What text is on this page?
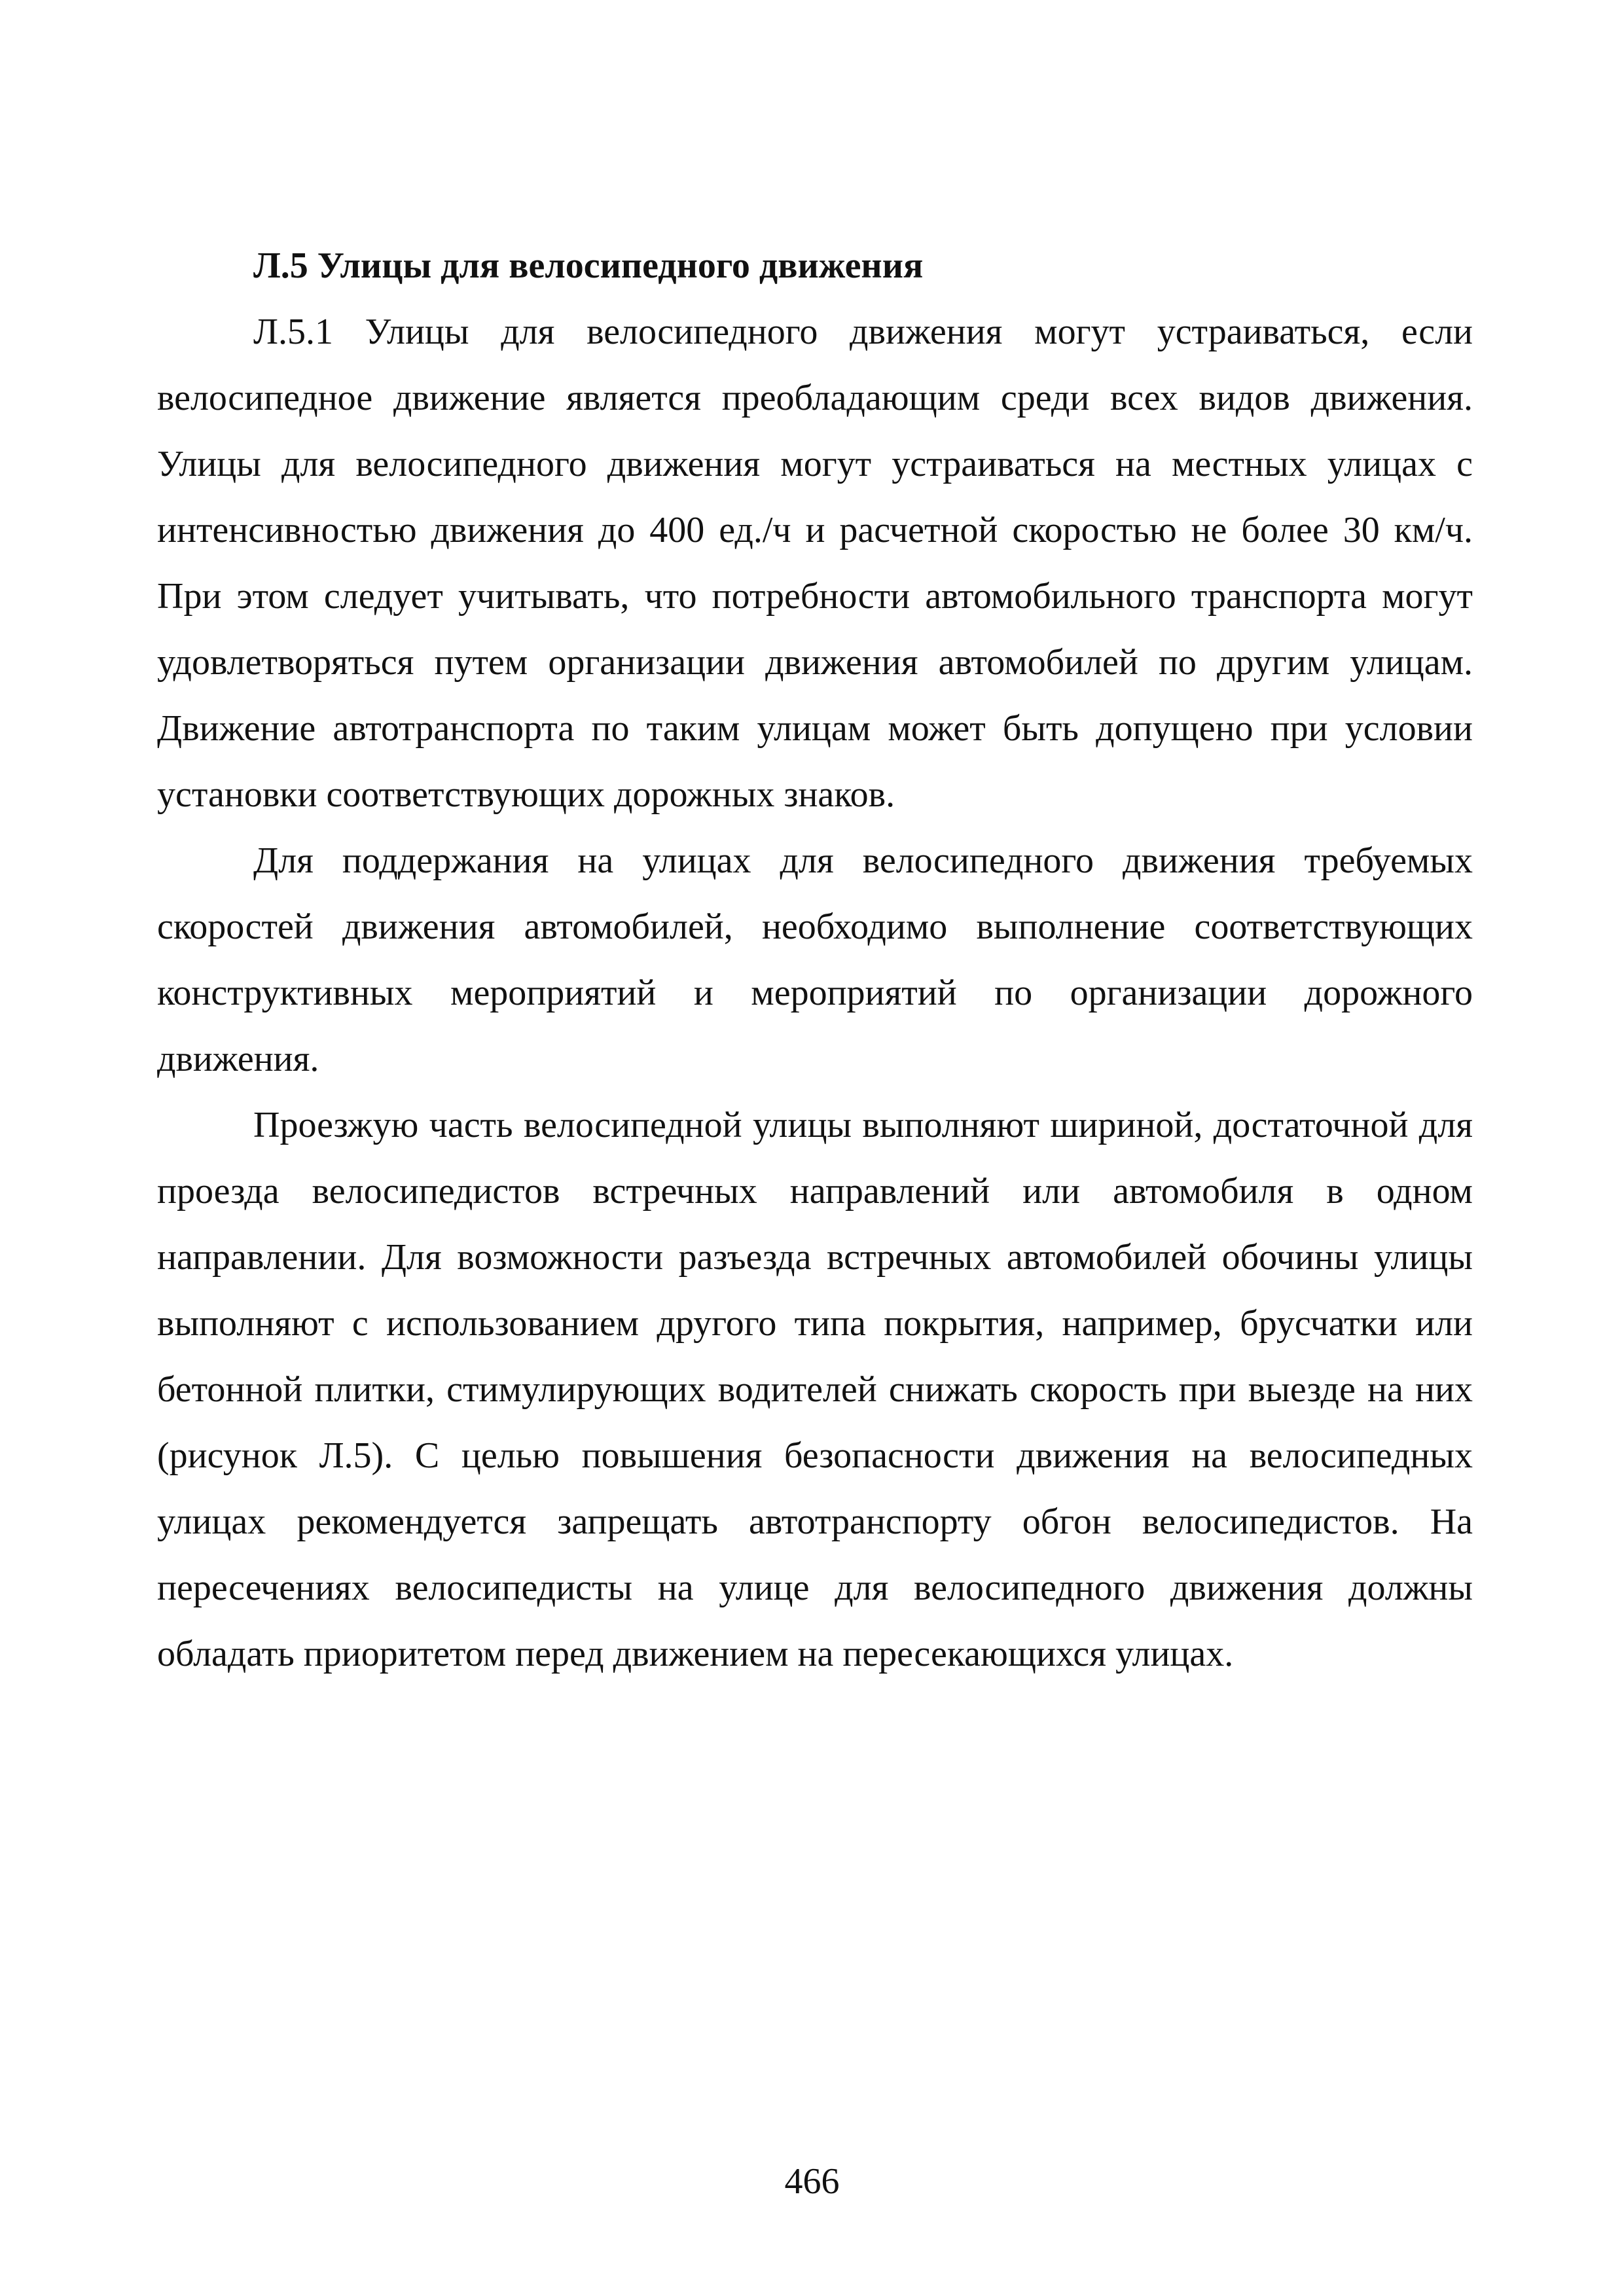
Л.5 Улицы для велосипедного движения

Л.5.1 Улицы для велосипедного движения могут устраиваться, если велосипедное движение является преобладающим среди всех видов движения. Улицы для велосипедного движения могут устраиваться на местных улицах с интенсивностью движения до 400 ед./ч и расчетной скоростью не более 30 км/ч. При этом следует учитывать, что потребности автомобильного транспорта могут удовлетворяться путем организации движения автомобилей по другим улицам. Движение автотранспорта по таким улицам может быть допущено при условии установки соответствующих дорожных знаков.

Для поддержания на улицах для велосипедного движения требуемых скоростей движения автомобилей, необходимо выполнение соответствующих конструктивных мероприятий и мероприятий по организации дорожного движения.

Проезжую часть велосипедной улицы выполняют шириной, достаточной для проезда велосипедистов встречных направлений или автомобиля в одном направлении. Для возможности разъезда встречных автомобилей обочины улицы выполняют с использованием другого типа покрытия, например, брусчатки или бетонной плитки, стимулирующих водителей снижать скорость при выезде на них (рисунок Л.5). С целью повышения безопасности движения на велосипедных улицах рекомендуется запрещать автотранспорту обгон велосипедистов. На пересечениях велосипедисты на улице для велосипедного движения должны обладать приоритетом перед движением на пересекающихся улицах.

466
